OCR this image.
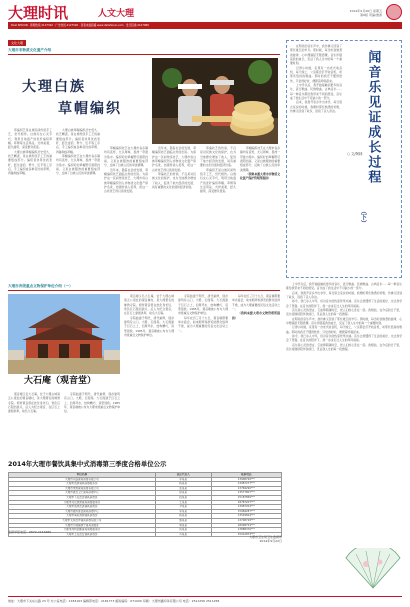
大理时讯	人文大理	2014年9月26日 星期五
第6版 责编/旅游
DALI SHIXUN · 新闻热线 2127342 · 广告热线 2127520 · 读者来信投稿 www.dalishixun.com · 发行投递 2127089
文化大理
大理市非物质文化遗产介绍
大理白族
草帽编织

草编织艺是白族民间传统手工艺，世代相传。白族妇女心灵手巧，利用当地盛产的麦秆编织草帽、草辫等生活用品，式样美观，经久耐用，深受群众喜爱。

大理白族草帽编织历史悠久，技艺精湛，是白族传统手工艺的重要组成部分。编织者选用优质麦秆，经过浸泡、劈分、压平等工序后，手工编织成各种花纹的草辫，再缝制成草帽。

大理白族草帽编织历史悠久，技艺精湛，是白族传统手工艺的重要组成部分。编织者选用优质麦秆，经过浸泡、劈分、压平等工序后，手工编织成各种花纹的草辫，再缝制成草帽。

草帽编织技艺在大理市各乡镇均有流传，尤以周城、喜洲一带最为集中。编织好的草帽既可遮阳挡雨，又是白族服饰的重要组成部分，反映了白族人民的审美情趣。

草帽编织技艺在大理市各乡镇均有流传，尤以周城、喜洲一带最为集中。编织好的草帽既可遮阳挡雨，又是白族服饰的重要组成部分，反映了白族人民的审美情趣。

近年来，随着社会的发展，草帽编织技艺面临失传的危险。为保护这一民间传统技艺，大理市将白族草帽编织列入非物质文化遗产保护名录，加强传承人培养，使这一古老技艺得以延续发展。

近年来，随着社会的发展，草帽编织技艺面临失传的危险。为保护这一民间传统技艺，大理市将白族草帽编织列入非物质文化遗产保护名录，加强传承人培养，使这一古老技艺得以延续发展。

草编技艺的传承，不仅是对民族文化的保护，也为当地群众增加了收入，促进了地方经济的发展，具有重要的文化价值和经济价值。

草编技艺的传承，不仅是对民族文化的保护，也为当地群众增加了收入，促进了地方经济的发展，具有重要的文化价值和经济价值。

草编织艺是白族民间传统手工艺，世代相传。白族妇女心灵手巧，利用当地盛产的麦秆编织草帽、草辫等生活用品，式样美观，经久耐用，深受群众喜爱。

草帽编织技艺在大理市各乡镇均有流传，尤以周城、喜洲一带最为集中。编织好的草帽既可遮阳挡雨，又是白族服饰的重要组成部分，反映了白族人民的审美情趣。

（资料来源大理市非物质文化遗产保护管理所提供）	闻音乐见证成长过程
（下）
○ 文/阿林

在明亮的音乐声中，我仿佛又回到了那些难忘的岁月。那时候，每当听到熟悉的旋律，心中便涌起无限感慨。音乐伴随着我的成长，见证了我人生中的每一个重要时刻。

记得小时候，家里有一台老式收音机，每天晚上，父亲都会打开收音机，听那些悠扬的歌曲。那时的我还不懂得欣赏，只觉得好听，便跟着哼唱起来。

上中学以后，我开始接触到更多的音乐，流行歌曲、民族歌曲、古典音乐……每一种音乐都给我带来不同的感受。音乐成了我生活中不可缺少的一部分。

后来，我离开家乡外出求学，每当思念家乡的时候，我便听那些熟悉的老歌，仿佛又回到了故乡，回到了亲人身边。

上中学以后，我开始接触到更多的音乐，流行歌曲、民族歌曲、古典音乐……每一种音乐都给我带来不同的感受。音乐成了我生活中不可缺少的一部分。

后来，我离开家乡外出求学，每当思念家乡的时候，我便听那些熟悉的老歌，仿佛又回到了故乡，回到了亲人身边。

如今，我已步入中年，但对音乐的热爱丝毫未减。音乐让我懂得了生活的美好，也让我学会了坚强。在音乐的陪伴下，我一步步走过人生的风风雨雨。

音乐是心灵的语言，它能够跨越时空，把人们的心连在一起。我相信，在今后的日子里，音乐将继续陪伴我前行，见证我人生的每一段旅程。

在明亮的音乐声中，我仿佛又回到了那些难忘的岁月。那时候，每当听到熟悉的旋律，心中便涌起无限感慨。音乐伴随着我的成长，见证了我人生中的每一个重要时刻。

记得小时候，家里有一台老式收音机，每天晚上，父亲都会打开收音机，听那些悠扬的歌曲。那时的我还不懂得欣赏，只觉得好听，便跟着哼唱起来。

如今，我已步入中年，但对音乐的热爱丝毫未减。音乐让我懂得了生活的美好，也让我学会了坚强。在音乐的陪伴下，我一步步走过人生的风风雨雨。

音乐是心灵的语言，它能够跨越时空，把人们的心连在一起。我相信，在今后的日子里，音乐将继续陪伴我前行，见证我人生的每一段旅程。

大理市各级重点文物保护单位介绍（一）
大石庵（观音堂）

观音塘又名大石庵，位于大理古城南五公里处的观音塘村，是大理著名的佛教寺院。相传观音曾在此化身老妇，背负巨石阻挡敌兵，后人为纪念观音，在巨石上建阁供奉，故名大石庵。

寺院始建于明代，清代重修，现存建筑有山门、大殿、石阁等。大石阁建于巨石之上，四周环水，结构精巧，造型别致。1985年，观音塘被公布为大理市级重点文物保护单位。

观音塘又名大石庵，位于大理古城南五公里处的观音塘村，是大理著名的佛教寺院。相传观音曾在此化身老妇，背负巨石阻挡敌兵，后人为纪念观音，在巨石上建阁供奉，故名大石庵。

寺院始建于明代，清代重修，现存建筑有山门、大殿、石阁等。大石阁建于巨石之上，四周环水，结构精巧，造型别致。1985年，观音塘被公布为大理市级重点文物保护单位。

寺院始建于明代，清代重修，现存建筑有山门、大殿、石阁等。大石阁建于巨石之上，四周环水，结构精巧，造型别致。1985年，观音塘被公布为大理市级重点文物保护单位。

每年农历三月十九日，观音塘都要举办庙会，前来朝拜和游览的群众络绎不绝，成为大理重要的民俗文化活动之一。

每年农历三月十九日，观音塘都要举办庙会，前来朝拜和游览的群众络绎不绝，成为大理重要的民俗文化活动之一。

（资料来源大理市文物管理所提供）

2014年大理市餐饮具集中式消毒第三季度合格单位公示
单位名称	法定代表人	联系电话
大理市兴盛餐具消毒有限公司	李某某	13908726***
大理市洁康餐具消毒服务部	杨某某	13987277***
大理市净源餐具消毒有限公司	张某某	13769290***
大理市清洁卫士餐具消毒中心	赵某某	13577807***
大理市下关洁洁餐具消毒部	段某某	15187856***
大理市凤仪康源餐具消毒服务部	王某某	18787207***
大理市喜洲洁美餐具消毒部	尹某某	13987203***
大理市银桥康洁餐具消毒中心	李某某	15969287***
大理市海东清源餐具消毒部	杨某某	13529604***
大理市太和洁净餐具消毒有限公司	施某某	13708728***
大理市大理镇康宁餐具消毒部	周某某	18908724***
大理市湾桥金鹏餐具消毒服务部	何某某	13888376***
大理市上关洁安餐具消毒部	苏某某	15912873***
监督举报电话：0872-2131680
大理市卫生局卫生监督所
2014年9月22日
地址：大理市下关东山路 23 号 办公室电话：2183163 编辑部电话：2181773 邮政编码：671000 印刷：大理州鑫印务有限公司 电话：2511256 2511258
